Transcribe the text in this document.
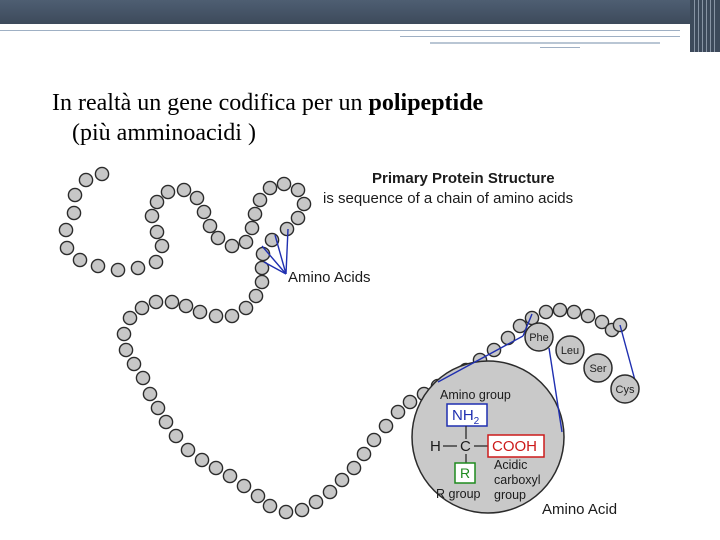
In realtà un gene codifica per un polipeptide
(più amminoacidi )

Primary Protein Structure
is sequence of a chain of amino acids
Amino Acids
Phe
Leu
Ser
Cys
Amino group
$NH_2$
H C COOH
R Acidic
carboxyl
group
R group
Amino Acid
